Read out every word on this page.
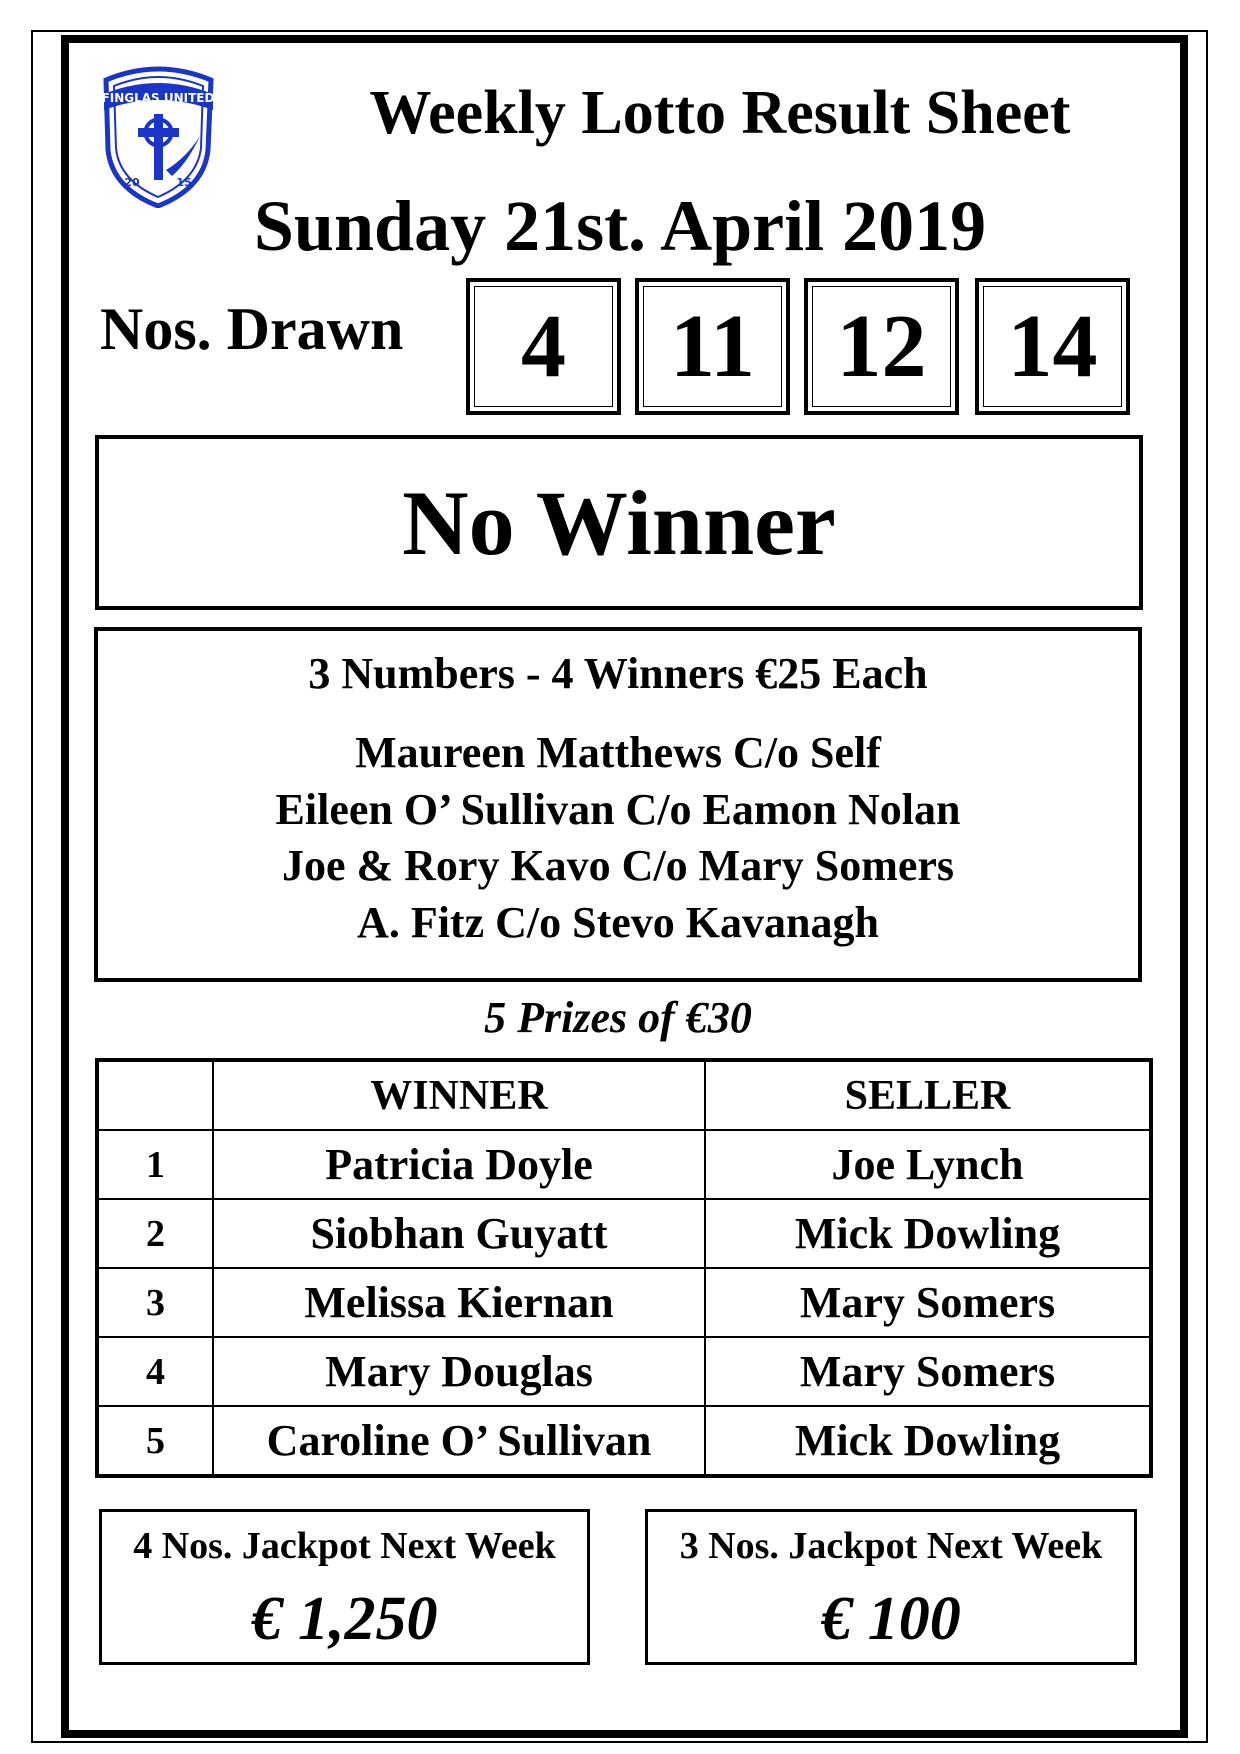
FINGLAS UNITED
20	15
Weekly Lotto Result Sheet
Sunday 21st. April 2019
Nos. Drawn	4	11 12 14
No Winner
3 Numbers - 4 Winners €25 Each
Maureen Matthews C/o Self
Eileen O’ Sullivan C/o Eamon Nolan
Joe & Rory Kavo C/o Mary Somers
A. Fitz C/o Stevo Kavanagh
5 Prizes of €30
	WINNER	SELLER
1	Patricia Doyle	Joe Lynch
2	Siobhan Guyatt	Mick Dowling
3	Melissa Kiernan	Mary Somers
4	Mary Douglas	Mary Somers
5	Caroline O’ Sullivan	Mick Dowling
4 Nos. Jackpot Next Week
€ 1,250
3 Nos. Jackpot Next Week
€ 100
